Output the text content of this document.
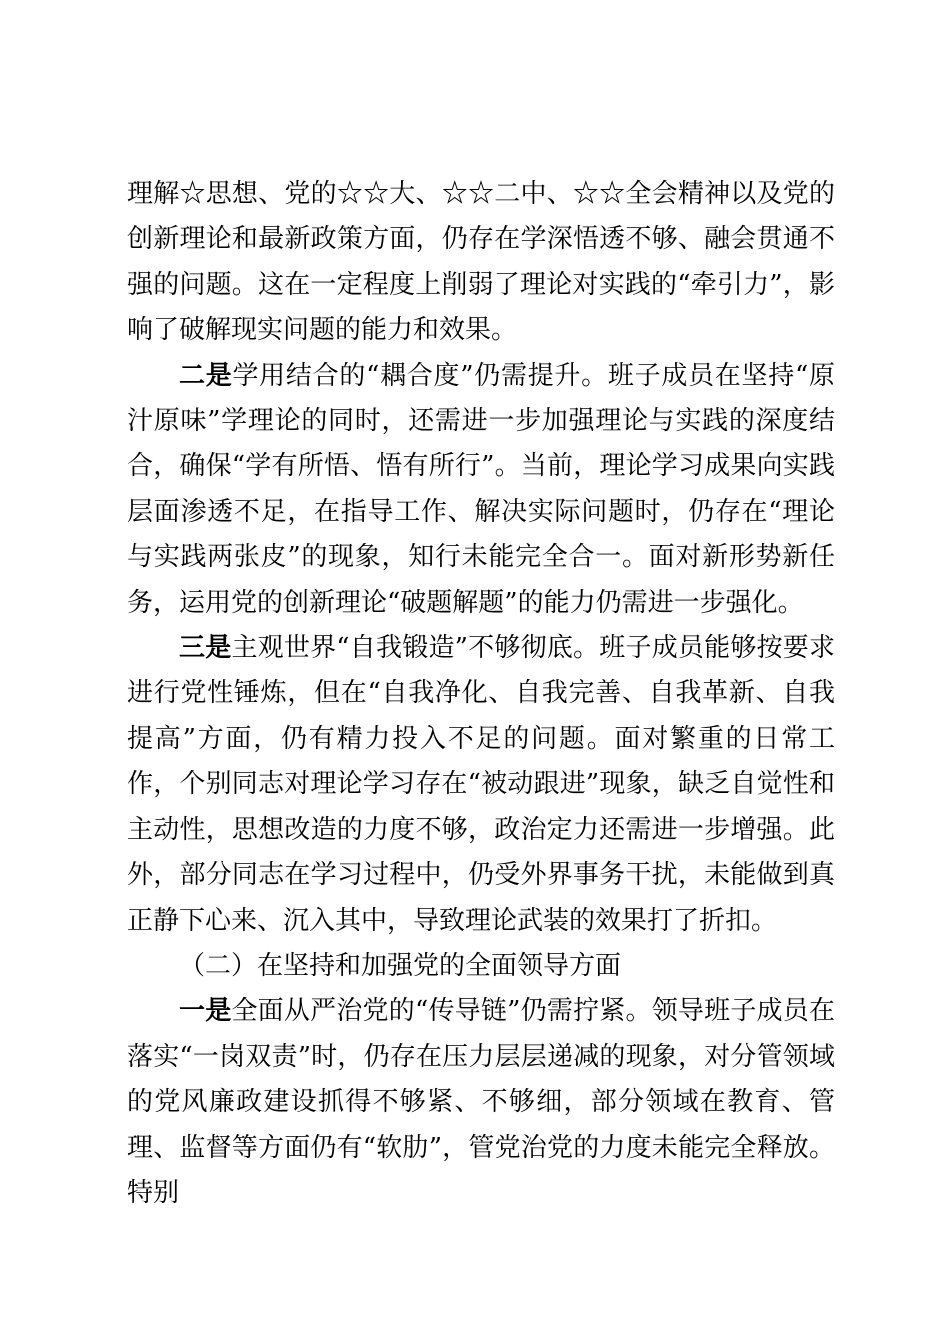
理解☆思想、党的☆☆大、☆☆二中、☆☆全会精神以及党的创新理论和最新政策方面，仍存在学深悟透不够、融会贯通不强的问题。这在一定程度上削弱了理论对实践的“牵引力”，影响了破解现实问题的能力和效果。

二是学用结合的“耦合度”仍需提升。班子成员在坚持“原汁原味”学理论的同时，还需进一步加强理论与实践的深度结合，确保“学有所悟、悟有所行”。当前，理论学习成果向实践层面渗透不足，在指导工作、解决实际问题时，仍存在“理论与实践两张皮”的现象，知行未能完全合一。面对新形势新任务，运用党的创新理论“破题解题”的能力仍需进一步强化。

三是主观世界“自我锻造”不够彻底。班子成员能够按要求进行党性锤炼，但在“自我净化、自我完善、自我革新、自我提高”方面，仍有精力投入不足的问题。面对繁重的日常工作，个别同志对理论学习存在“被动跟进”现象，缺乏自觉性和主动性，思想改造的力度不够，政治定力还需进一步增强。此外，部分同志在学习过程中，仍受外界事务干扰，未能做到真正静下心来、沉入其中，导致理论武装的效果打了折扣。

（二）在坚持和加强党的全面领导方面

一是全面从严治党的“传导链”仍需拧紧。领导班子成员在落实“一岗双责”时，仍存在压力层层递减的现象，对分管领域的党风廉政建设抓得不够紧、不够细，部分领域在教育、管理、监督等方面仍有“软肋”，管党治党的力度未能完全释放。特别
